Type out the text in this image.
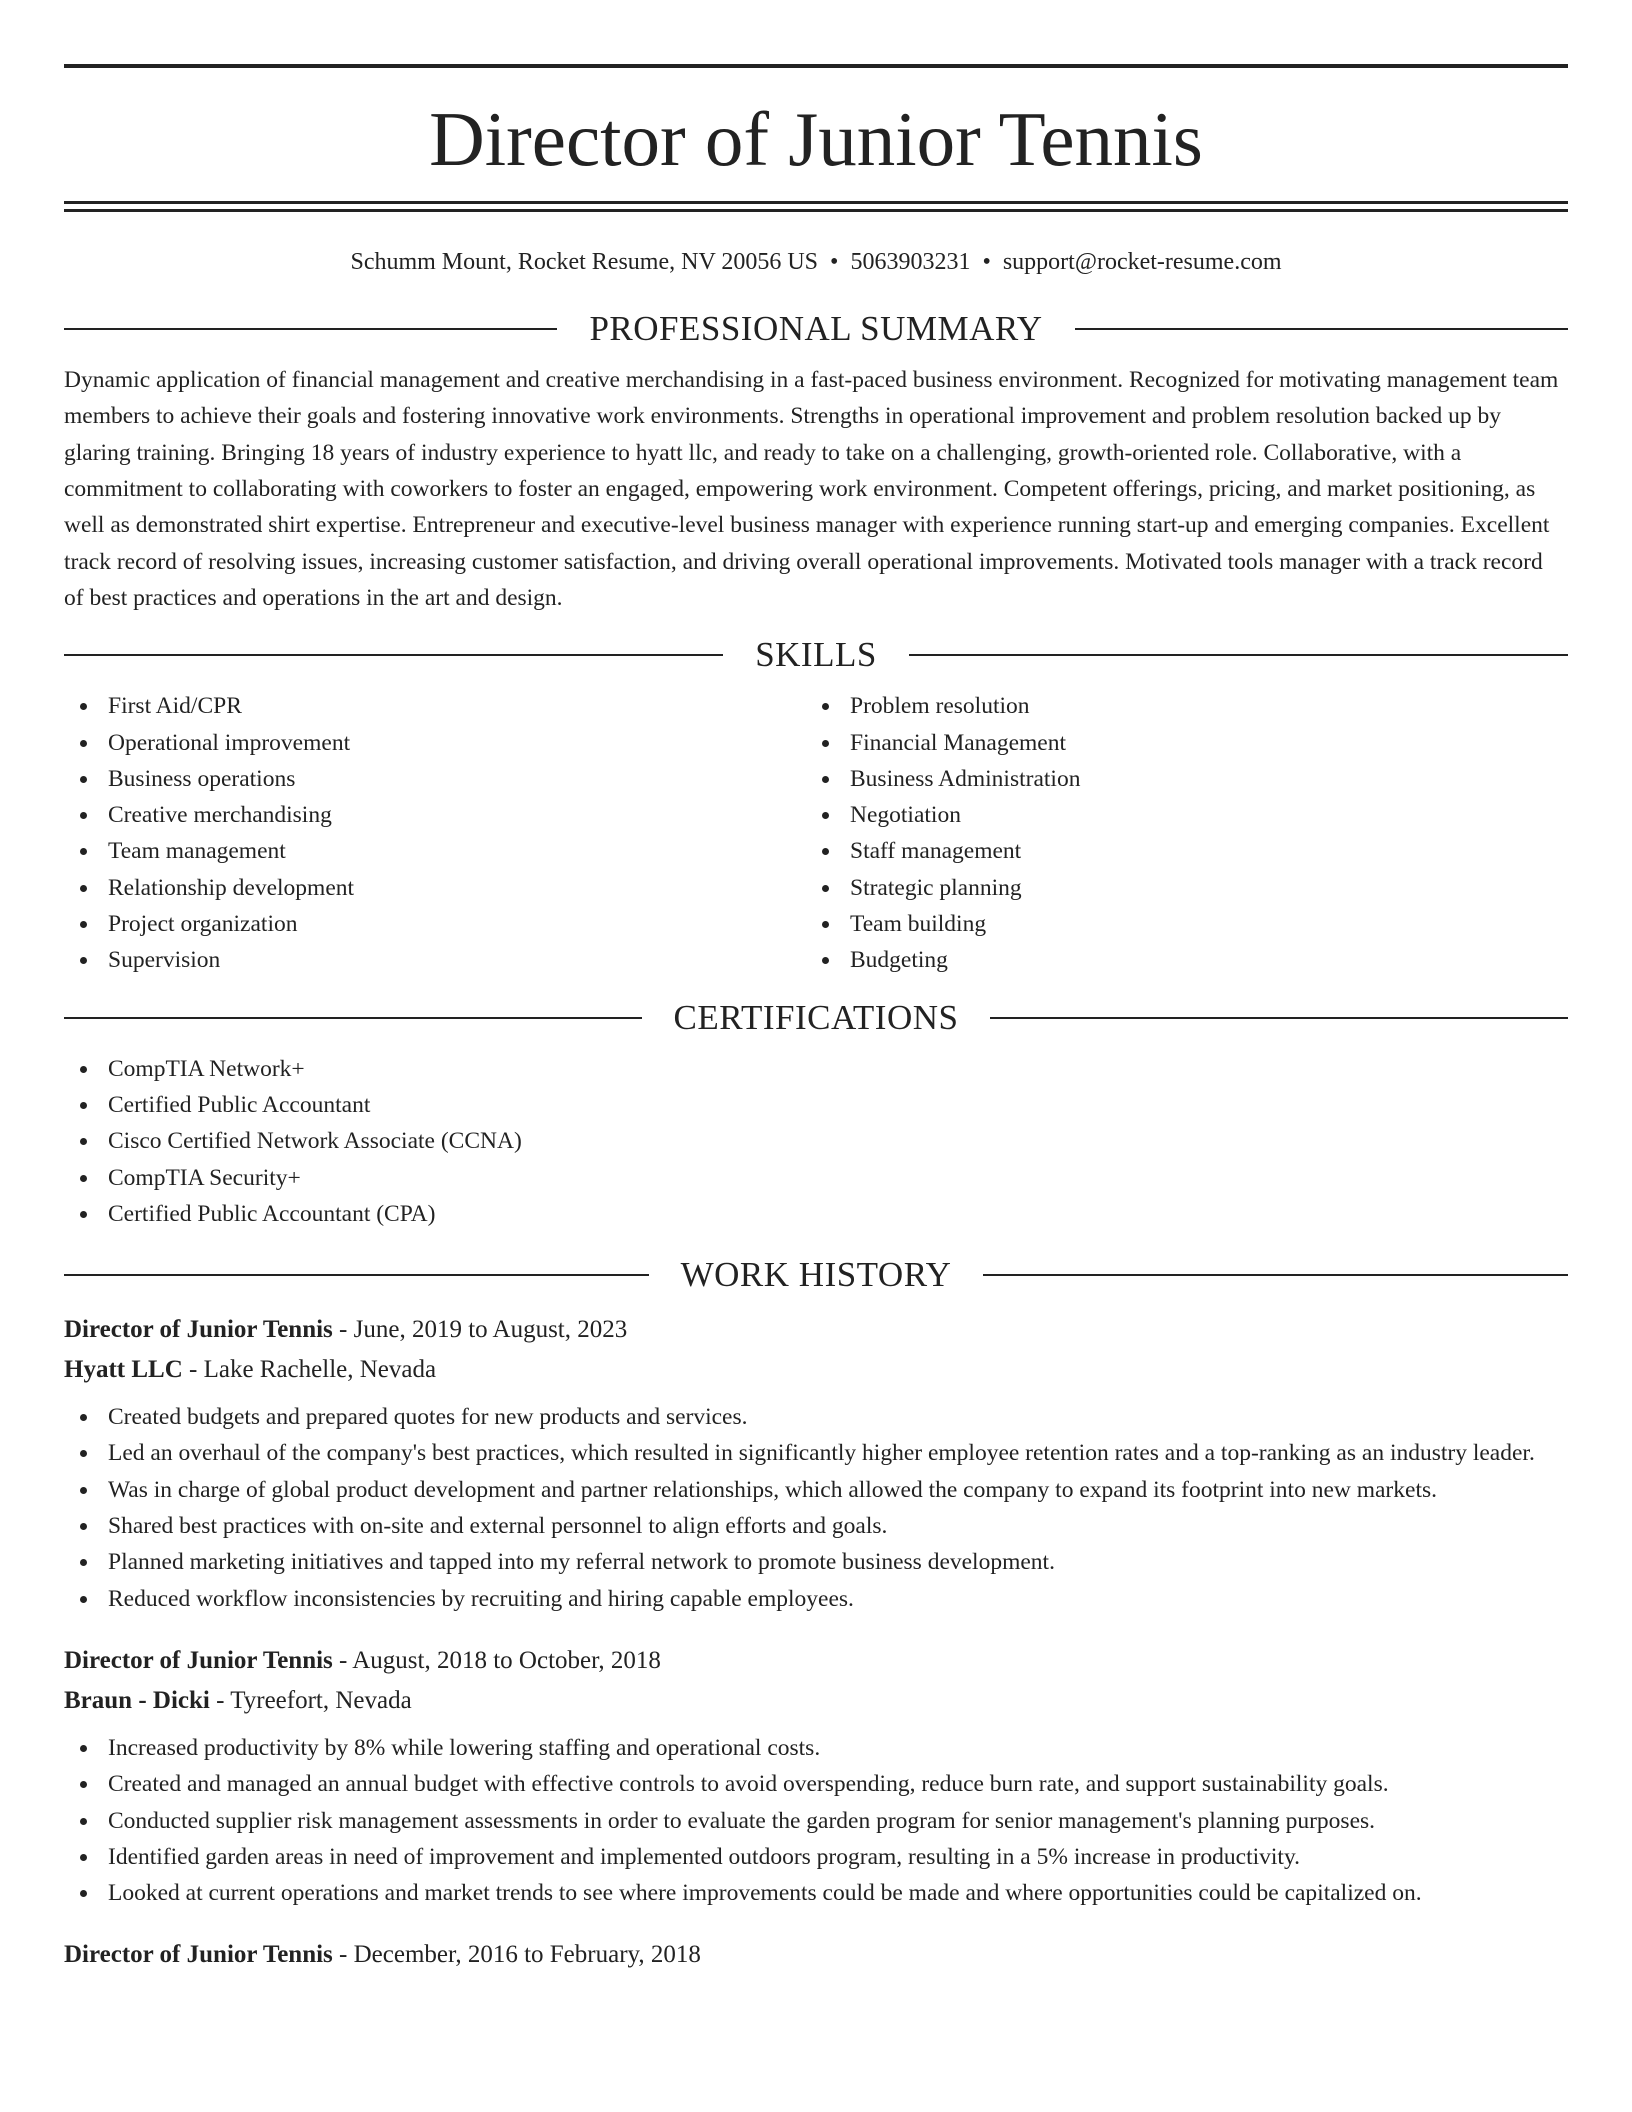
Director of Junior Tennis
Schumm Mount, Rocket Resume, NV 20056 US • 5063903231 • support@rocket-resume.com
PROFESSIONAL SUMMARY
Dynamic application of financial management and creative merchandising in a fast-paced business environment. Recognized for motivating management team members to achieve their goals and fostering innovative work environments. Strengths in operational improvement and problem resolution backed up by glaring training. Bringing 18 years of industry experience to hyatt llc, and ready to take on a challenging, growth-oriented role. Collaborative, with a commitment to collaborating with coworkers to foster an engaged, empowering work environment. Competent offerings, pricing, and market positioning, as well as demonstrated shirt expertise. Entrepreneur and executive-level business manager with experience running start-up and emerging companies. Excellent track record of resolving issues, increasing customer satisfaction, and driving overall operational improvements. Motivated tools manager with a track record of best practices and operations in the art and design.
SKILLS
First Aid/CPR
Operational improvement
Business operations
Creative merchandising
Team management
Relationship development
Project organization
Supervision
Problem resolution
Financial Management
Business Administration
Negotiation
Staff management
Strategic planning
Team building
Budgeting
CERTIFICATIONS
CompTIA Network+
Certified Public Accountant
Cisco Certified Network Associate (CCNA)
CompTIA Security+
Certified Public Accountant (CPA)
WORK HISTORY
Director of Junior Tennis - June, 2019 to August, 2023
Hyatt LLC - Lake Rachelle, Nevada
Created budgets and prepared quotes for new products and services.
Led an overhaul of the company's best practices, which resulted in significantly higher employee retention rates and a top-ranking as an industry leader.
Was in charge of global product development and partner relationships, which allowed the company to expand its footprint into new markets.
Shared best practices with on-site and external personnel to align efforts and goals.
Planned marketing initiatives and tapped into my referral network to promote business development.
Reduced workflow inconsistencies by recruiting and hiring capable employees.
Director of Junior Tennis - August, 2018 to October, 2018
Braun - Dicki - Tyreefort, Nevada
Increased productivity by 8% while lowering staffing and operational costs.
Created and managed an annual budget with effective controls to avoid overspending, reduce burn rate, and support sustainability goals.
Conducted supplier risk management assessments in order to evaluate the garden program for senior management's planning purposes.
Identified garden areas in need of improvement and implemented outdoors program, resulting in a 5% increase in productivity.
Looked at current operations and market trends to see where improvements could be made and where opportunities could be capitalized on.
Director of Junior Tennis - December, 2016 to February, 2018
